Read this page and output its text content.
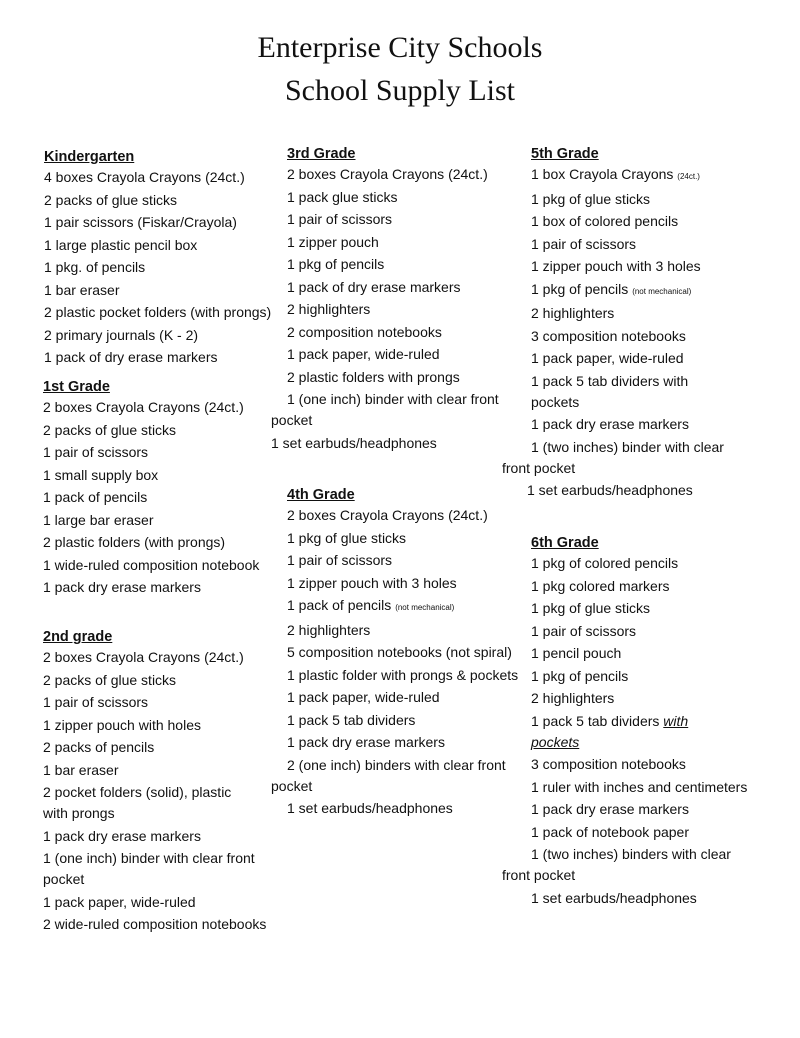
Enterprise City Schools
School Supply List
Kindergarten
4 boxes Crayola Crayons (24ct.)
2 packs of glue sticks
1 pair scissors (Fiskar/Crayola)
1 large plastic pencil box
1 pkg. of pencils
1 bar eraser
2 plastic pocket folders (with prongs)
2 primary journals (K - 2)
1 pack of dry erase markers
1st Grade
2 boxes Crayola Crayons (24ct.)
2 packs of glue sticks
1 pair of scissors
1 small supply box
1 pack of pencils
1 large bar eraser
2 plastic folders (with prongs)
1 wide-ruled composition notebook
1 pack dry erase markers
2nd grade
2 boxes Crayola Crayons (24ct.)
2 packs of glue sticks
1 pair of scissors
1 zipper pouch with holes
2 packs of pencils
1 bar eraser
2 pocket folders (solid), plastic
with prongs
1 pack dry erase markers
1 (one inch) binder with clear front
pocket
1 pack paper, wide-ruled
2 wide-ruled composition notebooks
3rd Grade
2 boxes Crayola Crayons (24ct.)
1 pack glue sticks
1 pair of scissors
1 zipper pouch
1 pkg of pencils
1 pack of dry erase markers
2 highlighters
2 composition notebooks
1 pack paper, wide-ruled
2 plastic folders with prongs
1 (one inch) binder with clear front
pocket
1 set earbuds/headphones
4th Grade
2 boxes Crayola Crayons (24ct.)
1 pkg of glue sticks
1 pair of scissors
1 zipper pouch with 3 holes
1 pack of pencils (not mechanical)
2 highlighters
5 composition notebooks (not spiral)
1 plastic folder with prongs & pockets
1 pack paper, wide-ruled
1 pack 5 tab dividers
1 pack dry erase markers
2 (one inch) binders with clear front
pocket
1 set earbuds/headphones
5th Grade
1 box Crayola Crayons (24ct.)
1 pkg of glue sticks
1 box of colored pencils
1 pair of scissors
1 zipper pouch with 3 holes
1 pkg of pencils (not mechanical)
2 highlighters
3 composition notebooks
1 pack paper, wide-ruled
1 pack 5 tab dividers with
pockets
1 pack dry erase markers
1 (two inches) binder with clear
front pocket
1 set earbuds/headphones
6th Grade
1 pkg of colored pencils
1 pkg colored markers
1 pkg of glue sticks
1 pair of scissors
1 pencil pouch
1 pkg of pencils
2 highlighters
1 pack 5 tab dividers with
pockets
3 composition notebooks
1 ruler with inches and centimeters
1 pack dry erase markers
1 pack of notebook paper
1 (two inches) binders with clear
front pocket
1 set earbuds/headphones
